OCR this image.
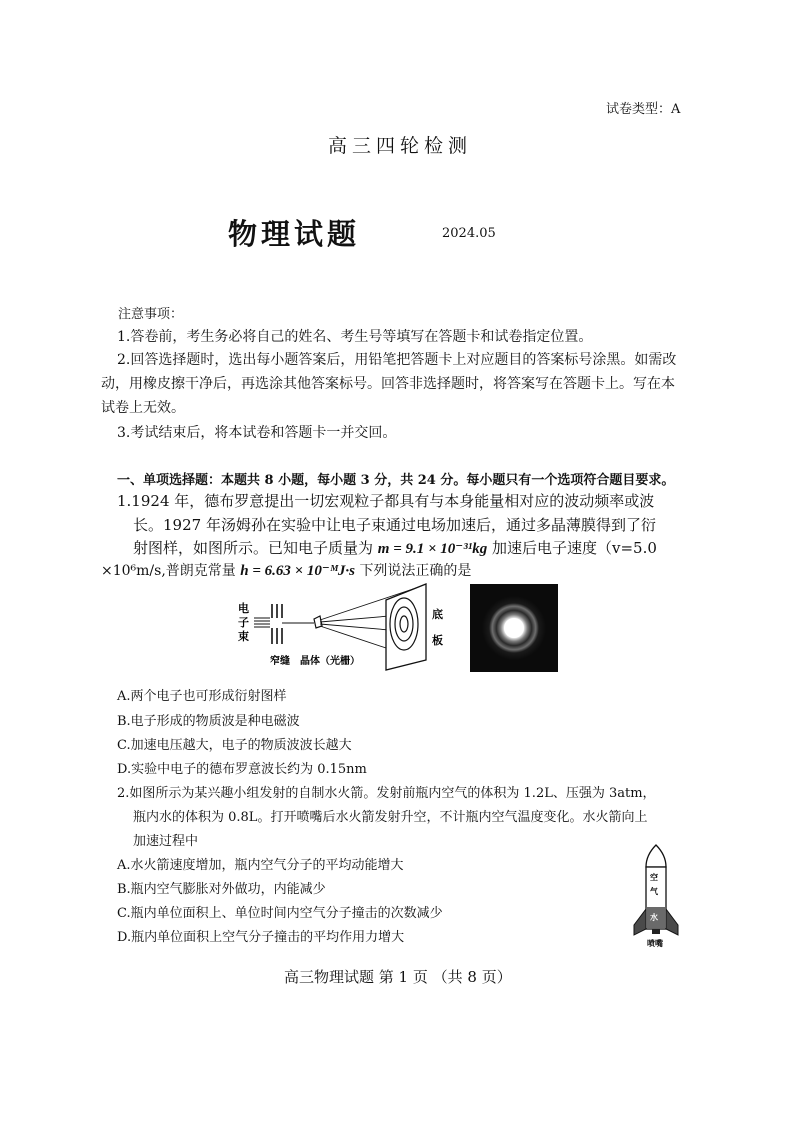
试卷类型：A
高三四轮检测
物理试题	2024.05
注意事项：
1.答卷前，考生务必将自己的姓名、考生号等填写在答题卡和试卷指定位置。
2.回答选择题时，选出每小题答案后，用铅笔把答题卡上对应题目的答案标号涂黑。如需改
动，用橡皮擦干净后，再选涂其他答案标号。回答非选择题时，将答案写在答题卡上。写在本
试卷上无效。
3.考试结束后，将本试卷和答题卡一并交回。
一、单项选择题：本题共 8 小题，每小题 3 分，共 24 分。每小题只有一个选项符合题目要求。
1.1924 年，德布罗意提出一切宏观粒子都具有与本身能量相对应的波动频率或波
长。1927 年汤姆孙在实验中让电子束通过电场加速后，通过多晶薄膜得到了衍
射图样，如图所示。已知电子质量为 m = 9.1 × 10⁻³¹kg 加速后电子速度（v=5.0
×10⁶m/s,普朗克常量 h = 6.63 × 10⁻ᴹJ·s 下列说法正确的是
电
子
束
窄缝 晶体（光栅）
底
板
A.两个电子也可形成衍射图样
B.电子形成的物质波是种电磁波
C.加速电压越大，电子的物质波波长越大
D.实验中电子的德布罗意波长约为 0.15nm
2.如图所示为某兴趣小组发射的自制水火箭。发射前瓶内空气的体积为 1.2L、压强为 3atm，
瓶内水的体积为 0.8L。打开喷嘴后水火箭发射升空，不计瓶内空气温度变化。水火箭向上
加速过程中
A.水火箭速度增加，瓶内空气分子的平均动能增大
B.瓶内空气膨胀对外做功，内能减少
C.瓶内单位面积上、单位时间内空气分子撞击的次数减少
D.瓶内单位面积上空气分子撞击的平均作用力增大
空
气
水
喷嘴
高三物理试题 第 1 页 （共 8 页）
